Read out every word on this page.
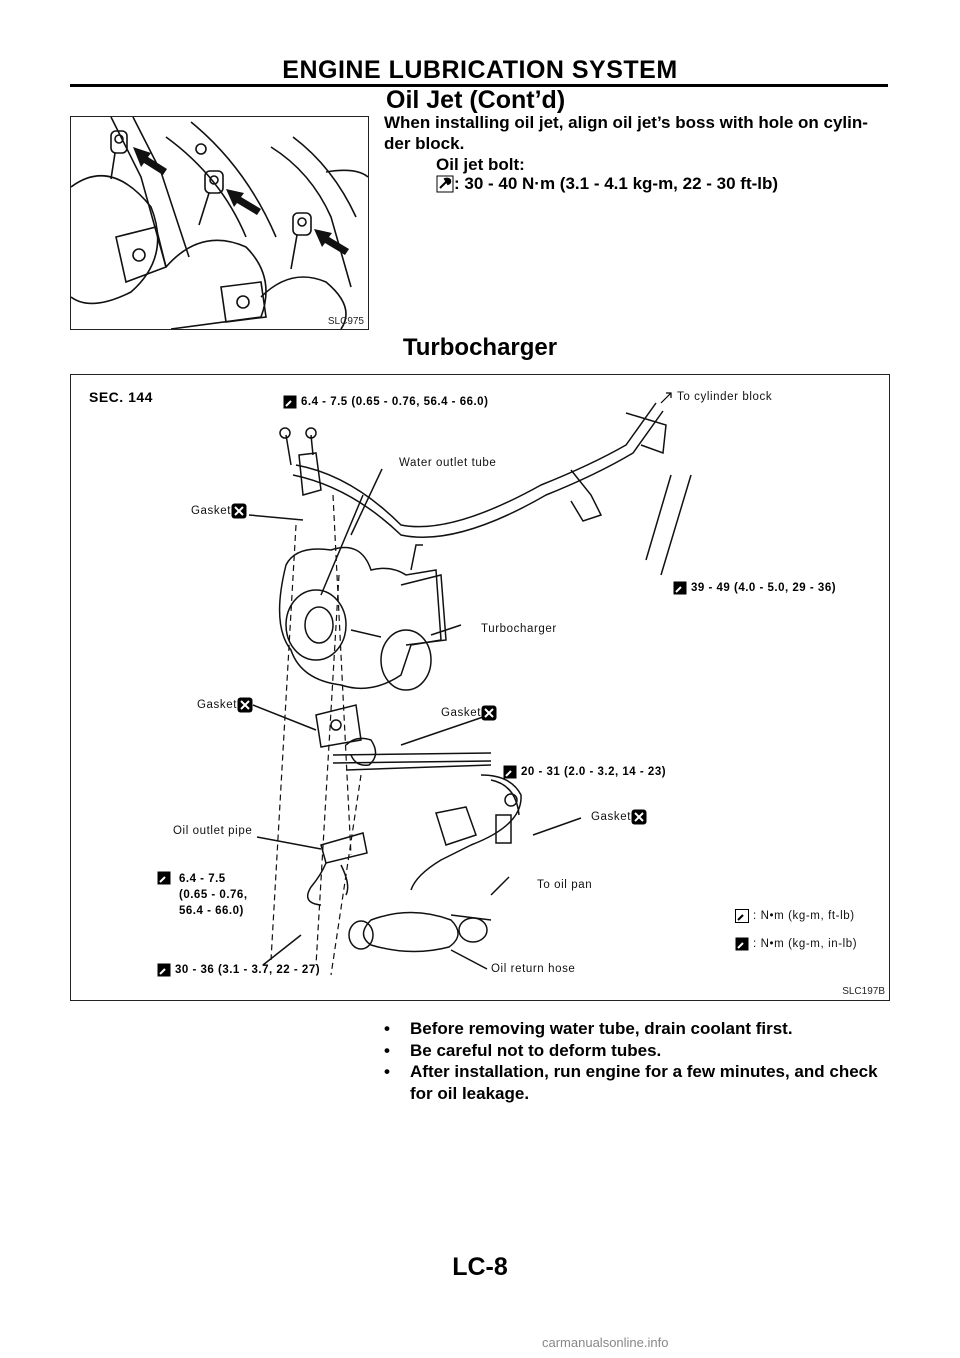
ENGINE LUBRICATION SYSTEM
Oil Jet (Cont’d)
SLC975
When installing oil jet, align oil jet’s boss with hole on cylin- der block.
Oil jet bolt:
: 30 - 40 N·m (3.1 - 4.1 kg-m, 22 - 30 ft-lb)
Turbocharger
SEC. 144	6.4 - 7.5 (0.65 - 0.76, 56.4 - 66.0)	To cylinder block
Water outlet tube
Gasket
39 - 49 (4.0 - 5.0, 29 - 36)
Turbocharger
Gasket
Gasket
20 - 31 (2.0 - 3.2, 14 - 23)
Gasket
Oil outlet pipe
6.4 - 7.5
(0.65 - 0.76,
56.4 - 66.0)
To oil pan
: N•m (kg-m, ft-lb)
: N•m (kg-m, in-lb)
30 - 36 (3.1 - 3.7, 22 - 27)	Oil return hose
SLC197B
• Before removing water tube, drain coolant first.
• Be careful not to deform tubes.
• After installation, run engine for a few minutes, and check for oil leakage.
LC-8
carmanualsonline.info
